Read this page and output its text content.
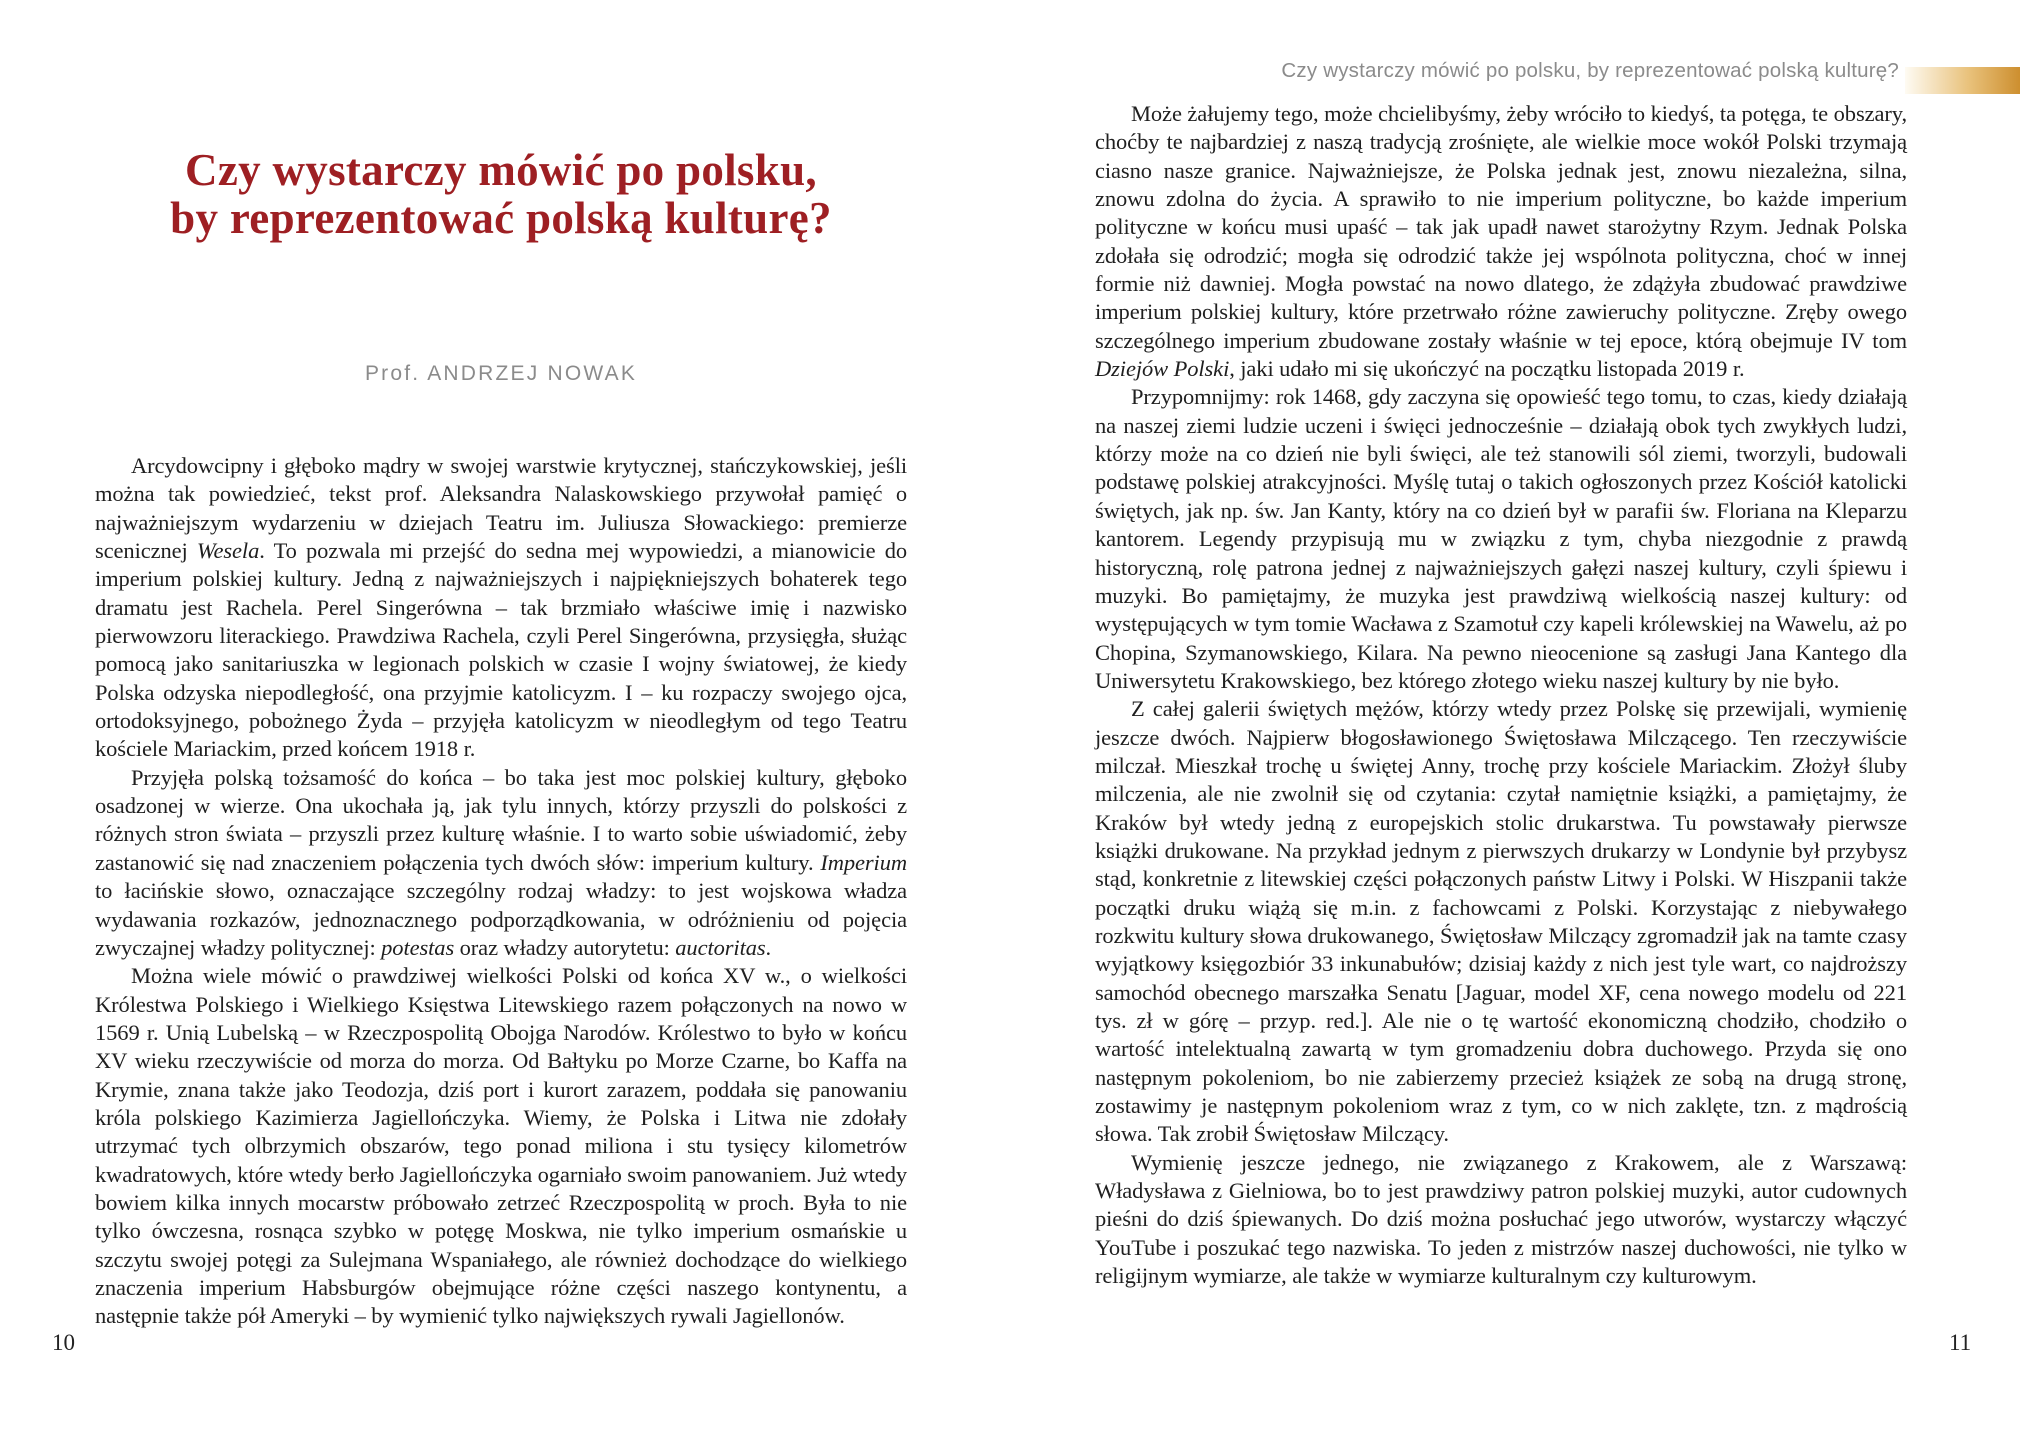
Czy wystarczy mówić po polsku,
by reprezentować polską kulturę?
Prof. ANDRZEJ NOWAK

Arcydowcipny i głęboko mądry w swojej warstwie krytycznej, stańczykowskiej, jeśli można tak powiedzieć, tekst prof. Aleksandra Nalaskowskiego przywołał pamięć o najważniejszym wydarzeniu w dziejach Teatru im. Juliusza Słowackiego: premierze scenicznej Wesela. To pozwala mi przejść do sedna mej wypowiedzi, a mianowicie do imperium polskiej kultury. Jedną z najważniejszych i najpiękniejszych bohaterek tego dramatu jest Rachela. Perel Singerówna – tak brzmiało właściwe imię i nazwisko pierwowzoru literackiego. Prawdziwa Rachela, czyli Perel Singerówna, przysięgła, służąc pomocą jako sanitariuszka w legionach polskich w czasie I wojny światowej, że kiedy Polska odzyska niepodległość, ona przyjmie katolicyzm. I – ku rozpaczy swojego ojca, ortodoksyjnego, pobożnego Żyda – przyjęła katolicyzm w nieodległym od tego Teatru kościele Mariackim, przed końcem 1918 r.

Przyjęła polską tożsamość do końca – bo taka jest moc polskiej kultury, głęboko osadzonej w wierze. Ona ukochała ją, jak tylu innych, którzy przyszli do polskości z różnych stron świata – przyszli przez kulturę właśnie. I to warto sobie uświadomić, żeby zastanowić się nad znaczeniem połączenia tych dwóch słów: imperium kultury. Imperium to łacińskie słowo, oznaczające szczególny rodzaj władzy: to jest wojskowa władza wydawania rozkazów, jednoznacznego podporządkowania, w odróżnieniu od pojęcia zwyczajnej władzy politycznej: potestas oraz władzy autorytetu: auctoritas.

Można wiele mówić o prawdziwej wielkości Polski od końca XV w., o wielkości Królestwa Polskiego i Wielkiego Księstwa Litewskiego razem połączonych na nowo w 1569 r. Unią Lubelską – w Rzeczpospolitą Obojga Narodów. Królestwo to było w końcu XV wieku rzeczywiście od morza do morza. Od Bałtyku po Morze Czarne, bo Kaffa na Krymie, znana także jako Teodozja, dziś port i kurort zarazem, poddała się panowaniu króla polskiego Kazimierza Jagiellończyka. Wiemy, że Polska i Litwa nie zdołały utrzymać tych olbrzymich obszarów, tego ponad miliona i stu tysięcy kilometrów kwadratowych, które wtedy berło Jagiellończyka ogarniało swoim panowaniem. Już wtedy bowiem kilka innych mocarstw próbowało zetrzeć Rzeczpospolitą w proch. Była to nie tylko ówczesna, rosnąca szybko w potęgę Moskwa, nie tylko imperium osmańskie u szczytu swojej potęgi za Sulejmana Wspaniałego, ale również dochodzące do wielkiego znaczenia imperium Habsburgów obejmujące różne części naszego kontynentu, a następnie także pół Ameryki – by wymienić tylko największych rywali Jagiellonów.

Czy wystarczy mówić po polsku, by reprezentować polską kulturę?

Może żałujemy tego, może chcielibyśmy, żeby wróciło to kiedyś, ta potęga, te obszary, choćby te najbardziej z naszą tradycją zrośnięte, ale wielkie moce wokół Polski trzymają ciasno nasze granice. Najważniejsze, że Polska jednak jest, znowu niezależna, silna, znowu zdolna do życia. A sprawiło to nie imperium polityczne, bo każde imperium polityczne w końcu musi upaść – tak jak upadł nawet starożytny Rzym. Jednak Polska zdołała się odrodzić; mogła się odrodzić także jej wspólnota polityczna, choć w innej formie niż dawniej. Mogła powstać na nowo dlatego, że zdążyła zbudować prawdziwe imperium polskiej kultury, które przetrwało różne zawieruchy polityczne. Zręby owego szczególnego imperium zbudowane zostały właśnie w tej epoce, którą obejmuje IV tom Dziejów Polski, jaki udało mi się ukończyć na początku listopada 2019 r.

Przypomnijmy: rok 1468, gdy zaczyna się opowieść tego tomu, to czas, kiedy działają na naszej ziemi ludzie uczeni i święci jednocześnie – działają obok tych zwykłych ludzi, którzy może na co dzień nie byli święci, ale też stanowili sól ziemi, tworzyli, budowali podstawę polskiej atrakcyjności. Myślę tutaj o takich ogłoszonych przez Kościół katolicki świętych, jak np. św. Jan Kanty, który na co dzień był w parafii św. Floriana na Kleparzu kantorem. Legendy przypisują mu w związku z tym, chyba niezgodnie z prawdą historyczną, rolę patrona jednej z najważniejszych gałęzi naszej kultury, czyli śpiewu i muzyki. Bo pamiętajmy, że muzyka jest prawdziwą wielkością naszej kultury: od występujących w tym tomie Wacława z Szamotuł czy kapeli królewskiej na Wawelu, aż po Chopina, Szymanowskiego, Kilara. Na pewno nieocenione są zasługi Jana Kantego dla Uniwersytetu Krakowskiego, bez którego złotego wieku naszej kultury by nie było.

Z całej galerii świętych mężów, którzy wtedy przez Polskę się przewijali, wymienię jeszcze dwóch. Najpierw błogosławionego Świętosława Milczącego. Ten rzeczywiście milczał. Mieszkał trochę u świętej Anny, trochę przy kościele Mariackim. Złożył śluby milczenia, ale nie zwolnił się od czytania: czytał namiętnie książki, a pamiętajmy, że Kraków był wtedy jedną z europejskich stolic drukarstwa. Tu powstawały pierwsze książki drukowane. Na przykład jednym z pierwszych drukarzy w Londynie był przybysz stąd, konkretnie z litewskiej części połączonych państw Litwy i Polski. W Hiszpanii także początki druku wiążą się m.in. z fachowcami z Polski. Korzystając z niebywałego rozkwitu kultury słowa drukowanego, Świętosław Milczący zgromadził jak na tamte czasy wyjątkowy księgozbiór 33 inkunabułów; dzisiaj każdy z nich jest tyle wart, co najdroższy samochód obecnego marszałka Senatu [Jaguar, model XF, cena nowego modelu od 221 tys. zł w górę – przyp. red.]. Ale nie o tę wartość ekonomiczną chodziło, chodziło o wartość intelektualną zawartą w tym gromadzeniu dobra duchowego. Przyda się ono następnym pokoleniom, bo nie zabierzemy przecież książek ze sobą na drugą stronę, zostawimy je następnym pokoleniom wraz z tym, co w nich zaklęte, tzn. z mądrością słowa. Tak zrobił Świętosław Milczący.

Wymienię jeszcze jednego, nie związanego z Krakowem, ale z Warszawą: Władysława z Gielniowa, bo to jest prawdziwy patron polskiej muzyki, autor cudownych pieśni do dziś śpiewanych. Do dziś można posłuchać jego utworów, wystarczy włączyć YouTube i poszukać tego nazwiska. To jeden z mistrzów naszej duchowości, nie tylko w religijnym wymiarze, ale także w wymiarze kulturalnym czy kulturowym.

10	11
